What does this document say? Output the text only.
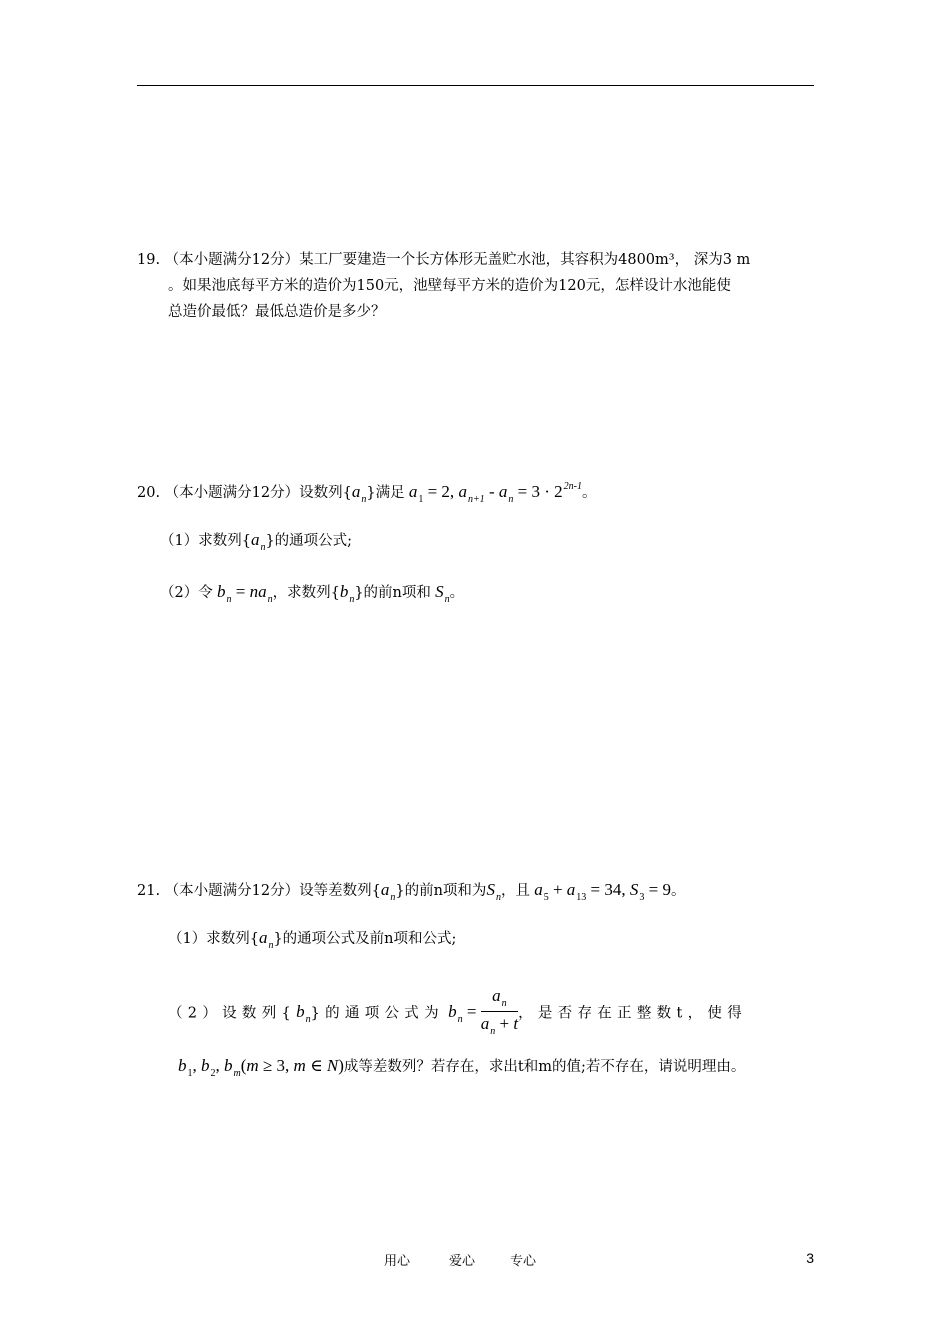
19. （本小题满分12分）某工厂要建造一个长方体形无盖贮水池，其容积为4800m³， 深为3 m
。如果池底每平方米的造价为150元，池壁每平方米的造价为120元，怎样设计水池能使
总造价最低？最低总造价是多少？
20. （本小题满分12分）设数列$\{a_n\}$满足 $a_1 = 2$, $a_{n+1} - a_n = 3 \cdot 2^{2n-1}$。
（1）求数列$\{a_n\}$的通项公式;
（2）令 $b_n = na_n$，求数列$\{b_n\}$的前n项和 $S_n$。
21. （本小题满分12分）设等差数列$\{a_n\}$的前n项和为$S_n$，且 $a_5 + a_{13} = 34$, $S_3 = 9$。
（1）求数列$\{a_n\}$的通项公式及前n项和公式;
（2）设数列$\{b_n\}$的通项公式为 $b_n = \frac{a_n}{a_n + t}$ ，是否存在正整数t，使得
$b_1$, $b_2$, $b_m(m \ge 3$, m ∈ N)成等差数列？若存在，求出t和m的值;若不存在，请说明理由。
用心	爱心	专心	3
